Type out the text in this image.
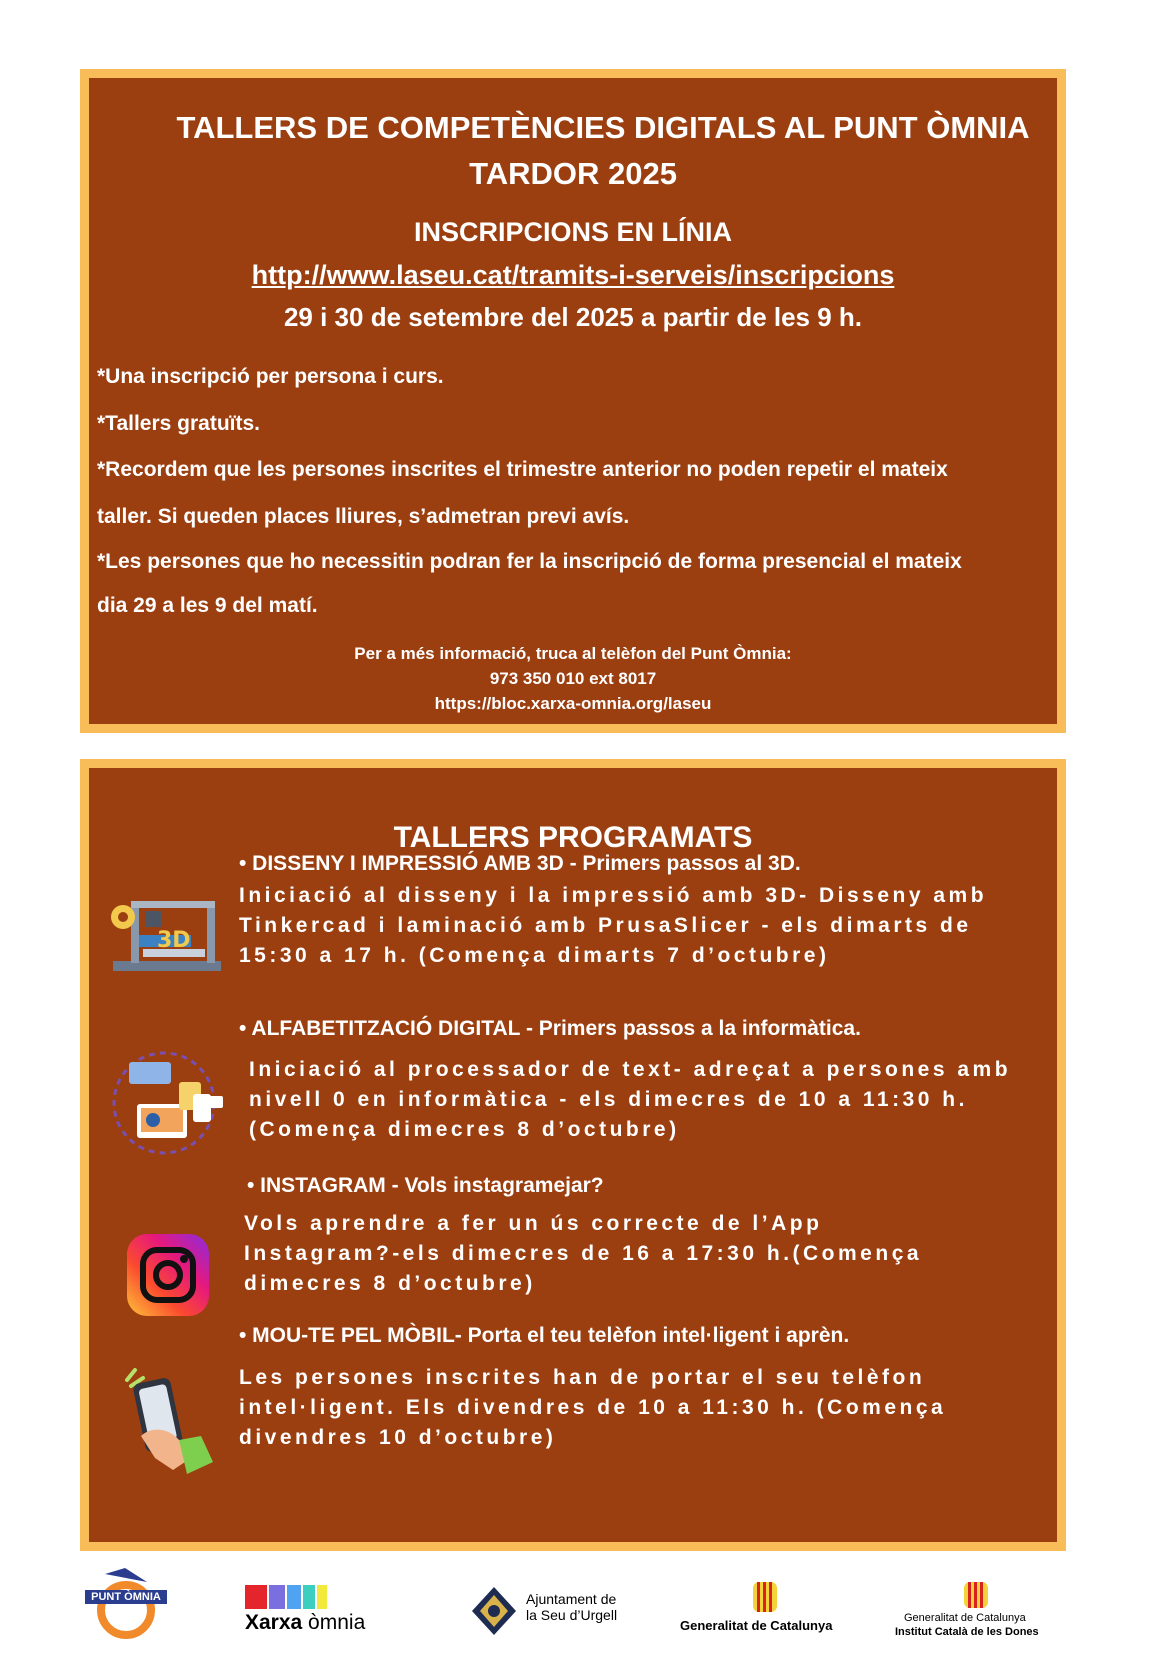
TALLERS DE COMPETÈNCIES DIGITALS AL PUNT ÒMNIA
TARDOR 2025
INSCRIPCIONS EN LÍNIA
http://www.laseu.cat/tramits-i-serveis/inscripcions
29 i 30 de setembre del 2025 a partir de les 9 h.
*Una inscripció per persona i curs.
*Tallers gratuïts.
*Recordem que les persones inscrites el trimestre anterior no poden repetir el mateix
taller. Si queden places lliures, s’admetran previ avís.
*Les persones que ho necessitin podran fer la inscripció de forma presencial el mateix
dia 29 a les 9 del matí.
Per a més informació, truca al telèfon del Punt Òmnia:
973 350 010 ext 8017
https://bloc.xarxa-omnia.org/laseu
TALLERS PROGRAMATS
3D
• DISSENY I IMPRESSIÓ AMB 3D - Primers passos al 3D.
Iniciació al disseny i la impressió amb 3D- Disseny amb
Tinkercad i laminació amb PrusaSlicer - els dimarts de
15:30 a 17 h. (Comença dimarts 7 d’octubre)
• ALFABETITZACIÓ DIGITAL - Primers passos a la informàtica.
Iniciació al processador de text- adreçat a persones amb
nivell 0 en informàtica - els dimecres de 10 a 11:30 h.
(Comença dimecres 8 d’octubre)
• INSTAGRAM - Vols instagramejar?
Vols aprendre a fer un ús correcte de l’App
Instagram?-els dimecres de 16 a 17:30 h.(Comença
dimecres 8 d’octubre)
• MOU-TE PEL MÒBIL- Porta el teu telèfon intel·ligent i aprèn.
Les persones inscrites han de portar el seu telèfon
intel·ligent. Els divendres de 10 a 11:30 h. (Comença
divendres 10 d’octubre)
PUNT ÒMNIA
Xarxa òmnia
Ajuntament de
la Seu d’Urgell
Generalitat de Catalunya	Generalitat de Catalunya
Institut Català de les Dones
